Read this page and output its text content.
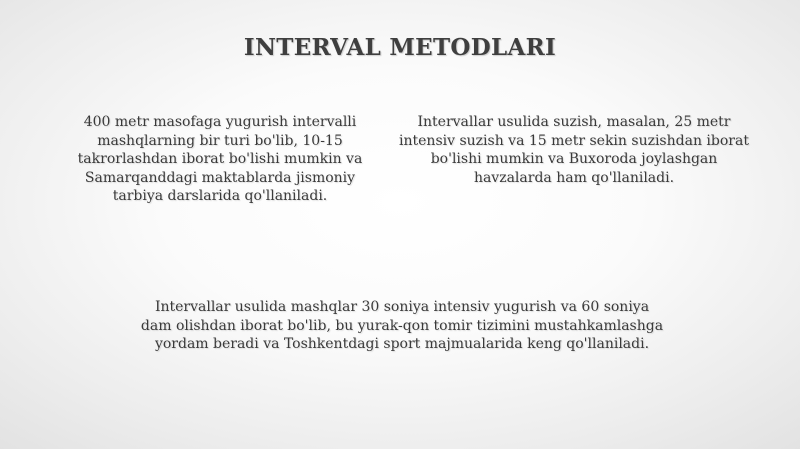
INTERVAL METODLARI
400 metr masofaga yugurish intervalli mashqlarning bir turi bo'lib, 10-15 takrorlashdan iborat bo'lishi mumkin va Samarqanddagi maktablarda jismoniy tarbiya darslarida qo'llaniladi.
Intervallar usulida suzish, masalan, 25 metr intensiv suzish va 15 metr sekin suzishdan iborat bo'lishi mumkin va Buxoroda joylashgan havzalarda ham qo'llaniladi.
Intervallar usulida mashqlar 30 soniya intensiv yugurish va 60 soniya dam olishdan iborat bo'lib, bu yurak-qon tomir tizimini mustahkamlashga yordam beradi va Toshkentdagi sport majmualarida keng qo'llaniladi.
